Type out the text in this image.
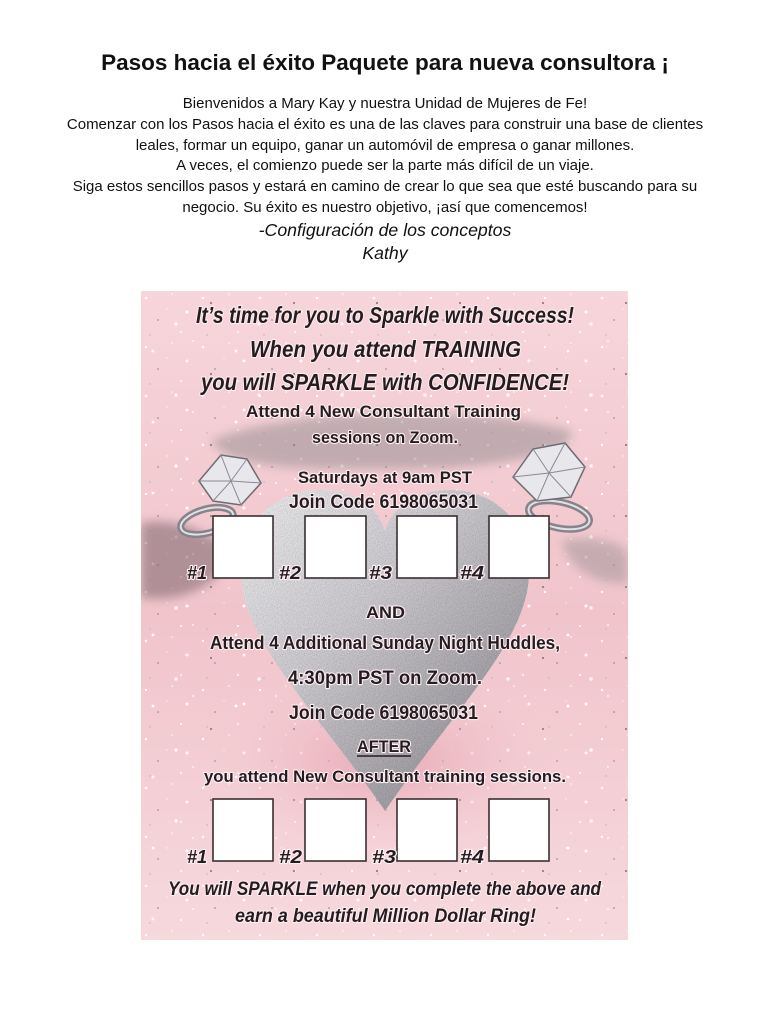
Pasos hacia el éxito Paquete para nueva consultora ¡
Bienvenidos a Mary Kay y nuestra Unidad de Mujeres de Fe!
Comenzar con los Pasos hacia el éxito es una de las claves para construir una base de clientes
leales, formar un equipo, ganar un automóvil de empresa o ganar millones.
A veces, el comienzo puede ser la parte más difícil de un viaje.
Siga estos sencillos pasos y estará en camino de crear lo que sea que esté buscando para su
negocio. Su éxito es nuestro objetivo, ¡así que comencemos!
-Configuración de los conceptos
Kathy
It’s time for you to Sparkle with Success!
When you attend TRAINING
you will SPARKLE with CONFIDENCE!
Attend 4 New Consultant Training
sessions on Zoom.
Saturdays at 9am PST
Join Code 6198065031
#1	#2	#3	#4
AND
Attend 4 Additional Sunday Night Huddles,
4:30pm PST on Zoom.
Join Code 6198065031
AFTER
you attend New Consultant training sessions.
#1	#2	#3	#4
You will SPARKLE when you complete the above and
earn a beautiful Million Dollar Ring!
